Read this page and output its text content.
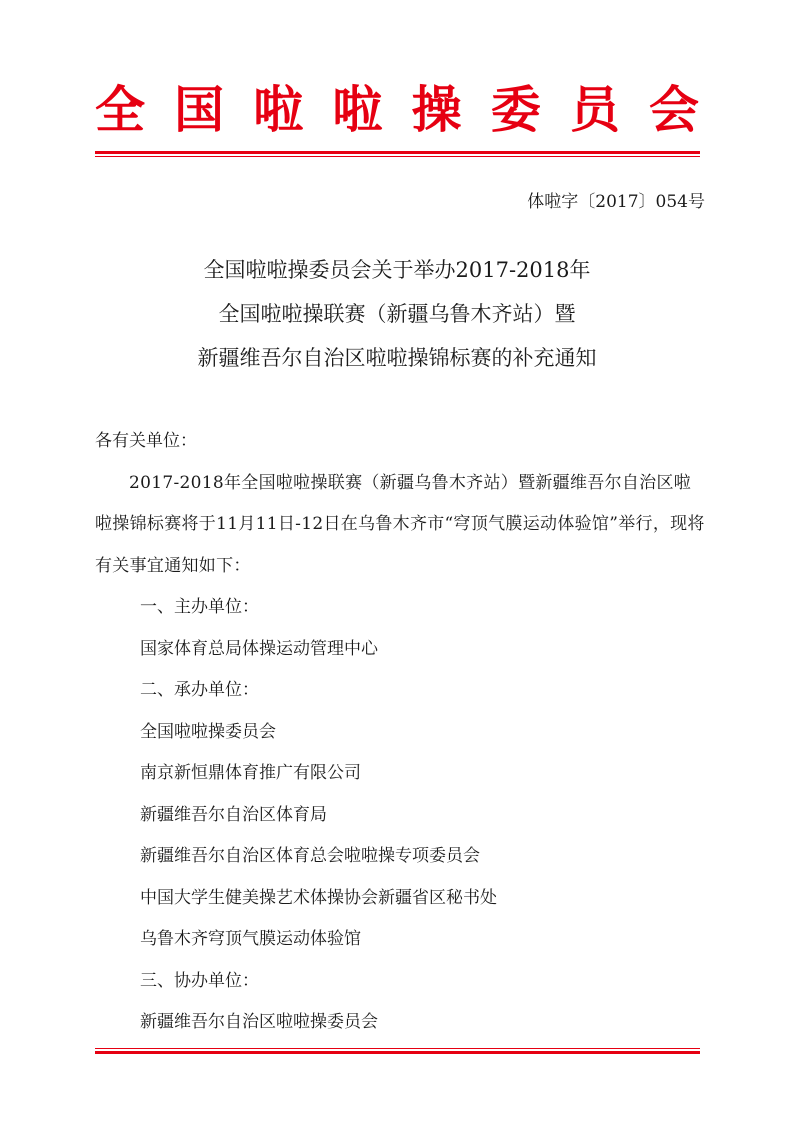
全 国 啦 啦 操 委 员 会
体啦字〔2017〕054号
全国啦啦操委员会关于举办2017-2018年
全国啦啦操联赛（新疆乌鲁木齐站）暨
新疆维吾尔自治区啦啦操锦标赛的补充通知

各有关单位：

2017-2018年全国啦啦操联赛（新疆乌鲁木齐站）暨新疆维吾尔自治区啦啦操锦标赛将于11月11日-12日在乌鲁木齐市“穹顶气膜运动体验馆”举行，现将有关事宜通知如下：

一、主办单位：

国家体育总局体操运动管理中心

二、承办单位：

全国啦啦操委员会

南京新恒鼎体育推广有限公司

新疆维吾尔自治区体育局

新疆维吾尔自治区体育总会啦啦操专项委员会

中国大学生健美操艺术体操协会新疆省区秘书处

乌鲁木齐穹顶气膜运动体验馆

三、协办单位：

新疆维吾尔自治区啦啦操委员会
